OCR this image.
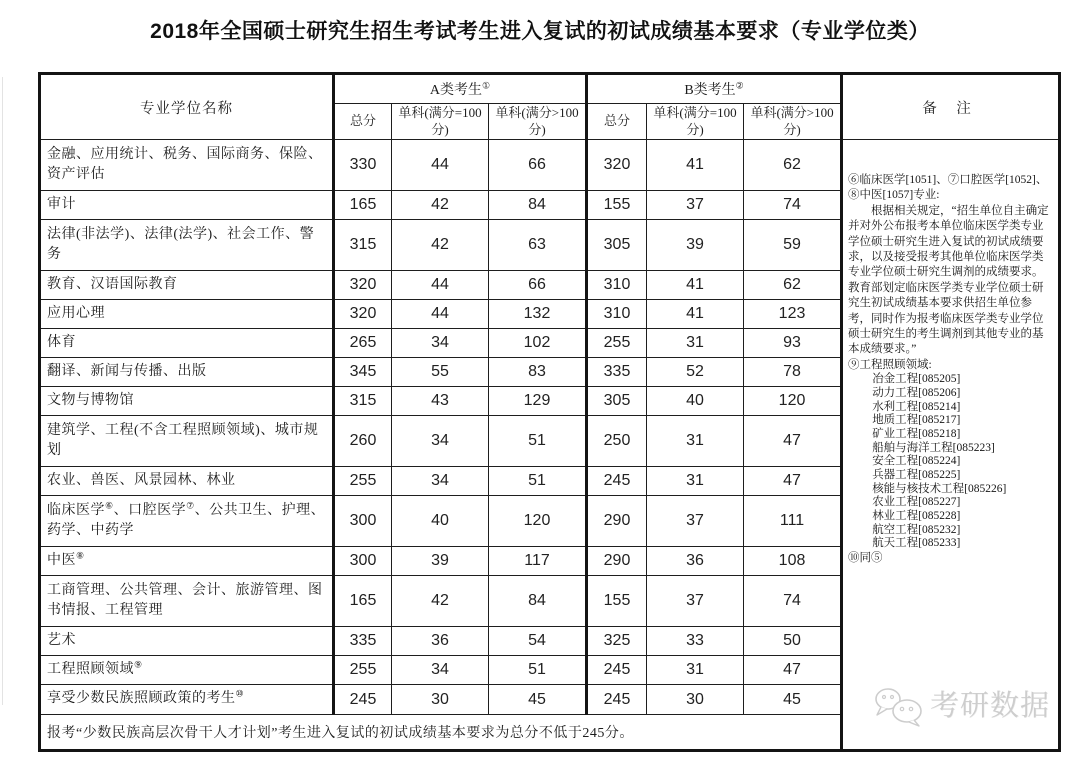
2018年全国硕士研究生招生考试考生进入复试的初试成绩基本要求（专业学位类）
专业学位名称	A类考生①			B类考生②			备 注
	总分	单科(满分=100分)	单科(满分>100分)	总分	单科(满分=100分)	单科(满分>100分)	
金融、应用统计、税务、国际商务、保险、资产评估	330	44	66	320	41	62	

⑥临床医学[1051]、⑦口腔医学[1052]、⑧中医[1057]专业:

根据相关规定，“招生单位自主确定并对外公布报考本单位临床医学类专业学位硕士研究生进入复试的初试成绩要求，以及接受报考其他单位临床医学类专业学位硕士研究生调剂的成绩要求。教育部划定临床医学类专业学位硕士研究生初试成绩基本要求供招生单位参考，同时作为报考临床医学类专业学位硕士研究生的考生调剂到其他专业的基本成绩要求。”

⑨工程照顾领域:

冶金工程[085205]
动力工程[085206]
水利工程[085214]
地质工程[085217]
矿业工程[085218]
船舶与海洋工程[085223]
安全工程[085224]
兵器工程[085225]
核能与核技术工程[085226]
农业工程[085227]
林业工程[085228]
航空工程[085232]
航天工程[085233]

⑩同⑤

考研数据

审计	165	42	84	155	37	74	
法律(非法学)、法律(法学)、社会工作、警务	315	42	63	305	39	59	
教育、汉语国际教育	320	44	66	310	41	62	
应用心理	320	44	132	310	41	123	
体育	265	34	102	255	31	93	
翻译、新闻与传播、出版	345	55	83	335	52	78	
文物与博物馆	315	43	129	305	40	120	
建筑学、工程(不含工程照顾领域)、城市规划	260	34	51	250	31	47	
农业、兽医、风景园林、林业	255	34	51	245	31	47	
临床医学⑥、口腔医学⑦、公共卫生、护理、药学、中药学	300	40	120	290	37	111	
中医⑧	300	39	117	290	36	108	
工商管理、公共管理、会计、旅游管理、图书情报、工程管理	165	42	84	155	37	74	
艺术	335	36	54	325	33	50	
工程照顾领域⑨	255	34	51	245	31	47	
享受少数民族照顾政策的考生⑩	245	30	45	245	30	45	
报考“少数民族高层次骨干人才计划”考生进入复试的初试成绩基本要求为总分不低于245分。							
